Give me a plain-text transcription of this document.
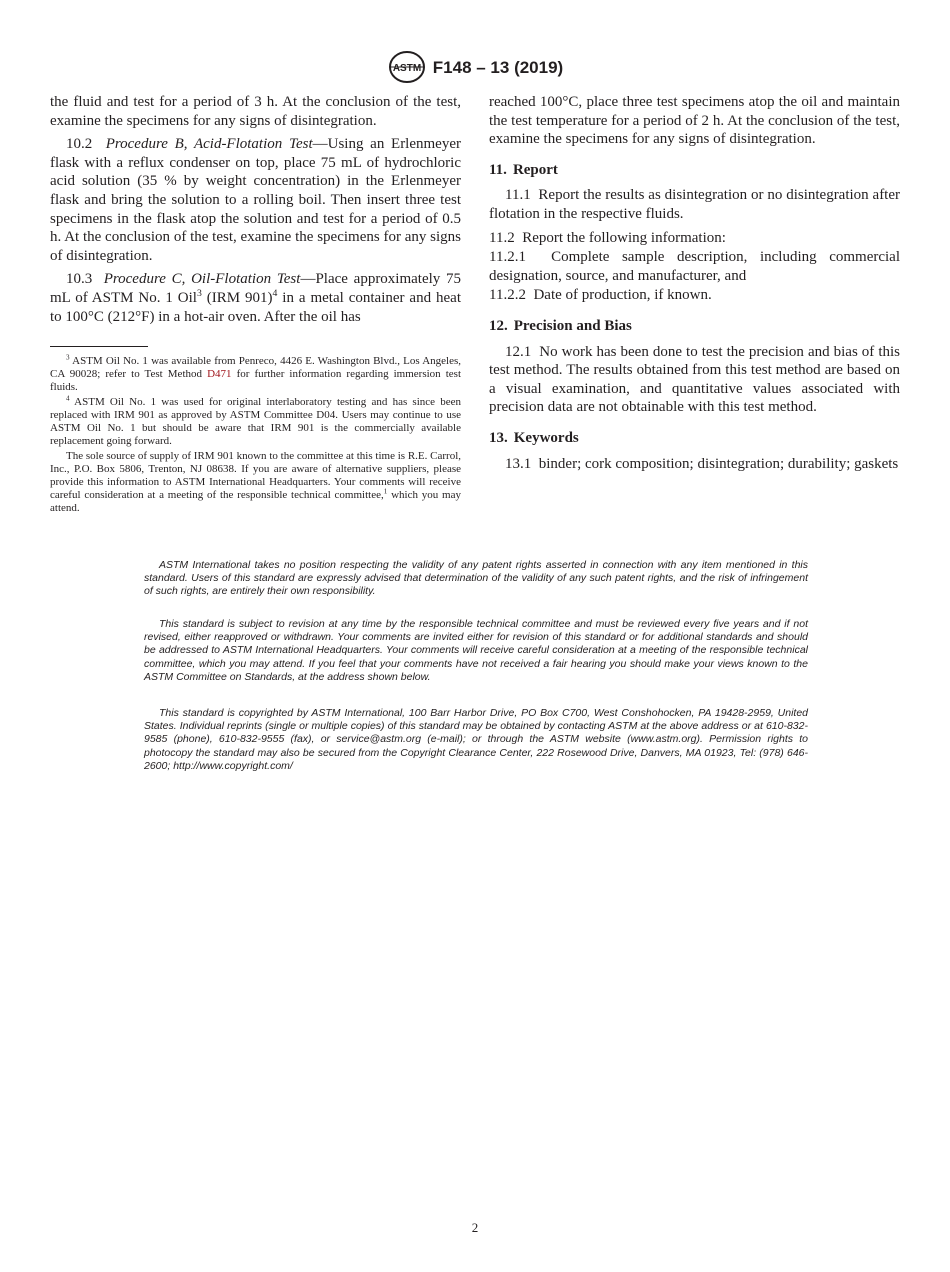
ASTM F148 – 13 (2019)

the fluid and test for a period of 3 h. At the conclusion of the test, examine the specimens for any signs of disintegration.

10.2 Procedure B, Acid-Flotation Test—Using an Erlenmeyer flask with a reflux condenser on top, place 75 mL of hydrochloric acid solution (35 % by weight concentration) in the Erlenmeyer flask and bring the solution to a rolling boil. Then insert three test specimens in the flask atop the solution and test for a period of 0.5 h. At the conclusion of the test, examine the specimens for any signs of disintegration.

10.3 Procedure C, Oil-Flotation Test—Place approximately 75 mL of ASTM No. 1 Oil$^3$ (IRM 901)$^4$ in a metal container and heat to 100°C (212°F) in a hot-air oven. After the oil has

$^3$ ASTM Oil No. 1 was available from Penreco, 4426 E. Washington Blvd., Los Angeles, CA 90028; refer to Test Method D471 for further information regarding immersion test fluids.

$^4$ ASTM Oil No. 1 was used for original interlaboratory testing and has since been replaced with IRM 901 as approved by ASTM Committee D04. Users may continue to use ASTM Oil No. 1 but should be aware that IRM 901 is the commercially available replacement going forward.

The sole source of supply of IRM 901 known to the committee at this time is R.E. Carrol, Inc., P.O. Box 5806, Trenton, NJ 08638. If you are aware of alternative suppliers, please provide this information to ASTM International Headquarters. Your comments will receive careful consideration at a meeting of the responsible technical committee,$^1$ which you may attend.

reached 100°C, place three test specimens atop the oil and maintain the test temperature for a period of 2 h. At the conclusion of the test, examine the specimens for any signs of disintegration.

11. Report

11.1 Report the results as disintegration or no disintegration after flotation in the respective fluids.

11.2 Report the following information:

11.2.1 Complete sample description, including commercial designation, source, and manufacturer, and

11.2.2 Date of production, if known.

12. Precision and Bias

12.1 No work has been done to test the precision and bias of this test method. The results obtained from this test method are based on a visual examination, and quantitative values associated with precision data are not obtainable with this test method.

13. Keywords

13.1 binder; cork composition; disintegration; durability; gaskets

ASTM International takes no position respecting the validity of any patent rights asserted in connection with any item mentioned in this standard. Users of this standard are expressly advised that determination of the validity of any such patent rights, and the risk of infringement of such rights, are entirely their own responsibility.

This standard is subject to revision at any time by the responsible technical committee and must be reviewed every five years and if not revised, either reapproved or withdrawn. Your comments are invited either for revision of this standard or for additional standards and should be addressed to ASTM International Headquarters. Your comments will receive careful consideration at a meeting of the responsible technical committee, which you may attend. If you feel that your comments have not received a fair hearing you should make your views known to the ASTM Committee on Standards, at the address shown below.

This standard is copyrighted by ASTM International, 100 Barr Harbor Drive, PO Box C700, West Conshohocken, PA 19428-2959, United States. Individual reprints (single or multiple copies) of this standard may be obtained by contacting ASTM at the above address or at 610-832-9585 (phone), 610-832-9555 (fax), or service@astm.org (e-mail); or through the ASTM website (www.astm.org). Permission rights to photocopy the standard may also be secured from the Copyright Clearance Center, 222 Rosewood Drive, Danvers, MA 01923, Tel: (978) 646-2600; http://www.copyright.com/

2
